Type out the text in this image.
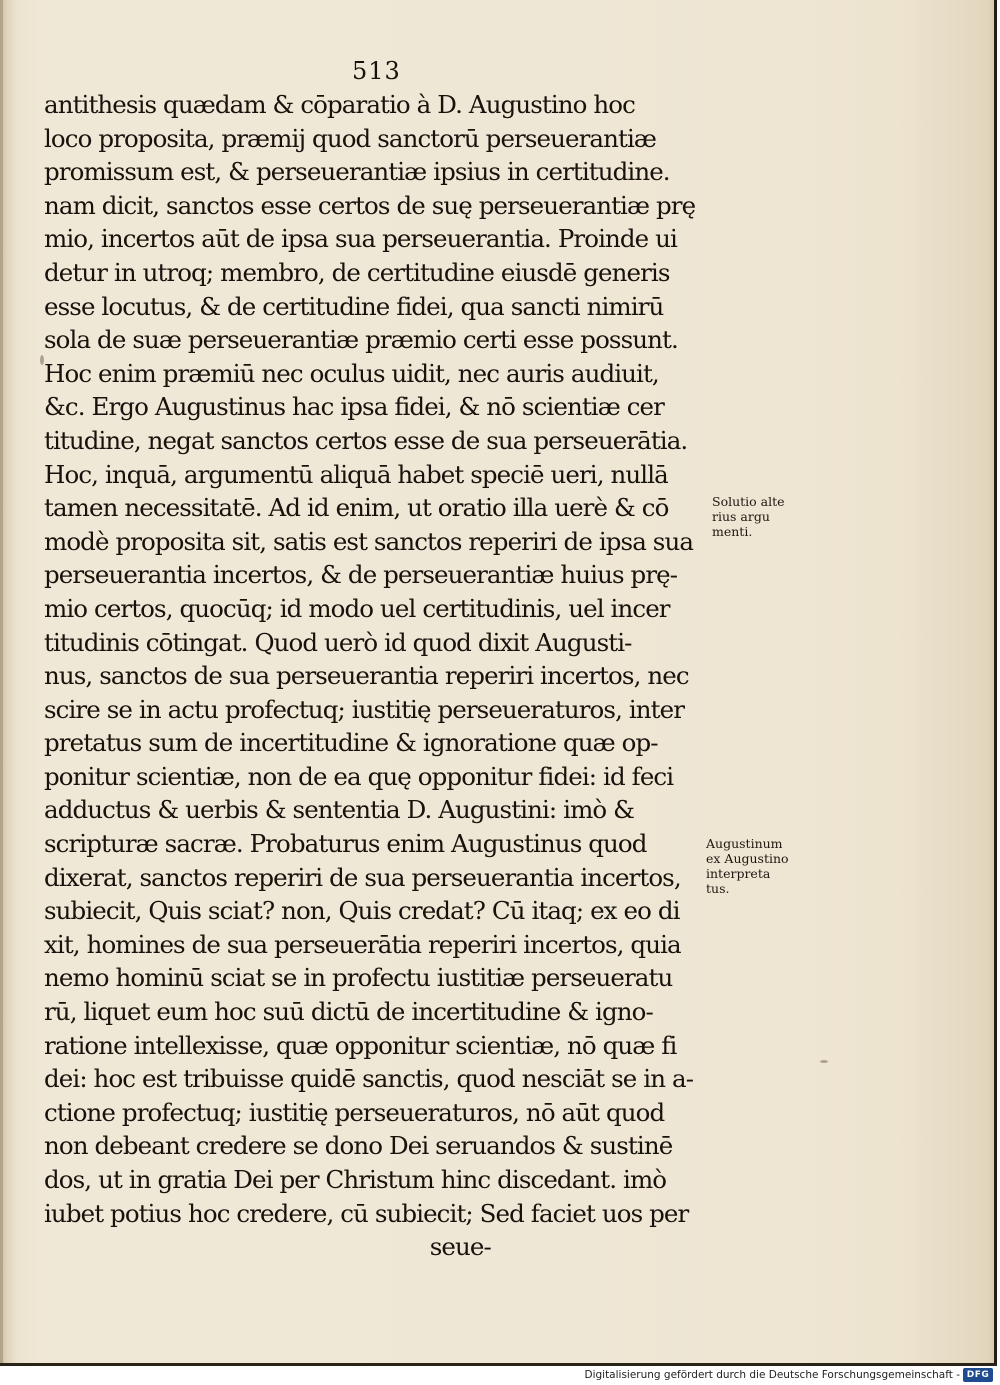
513
antithesis quædam & cōparatio à D. Augustino hoc
loco proposita, præmij quod sanctorū perseuerantiæ
promissum est, & perseuerantiæ ipsius in certitudine.
nam dicit, sanctos esse certos de suę perseuerantiæ prę
mio, incertos aūt de ipsa sua perseuerantia. Proinde ui
detur in utroq; membro, de certitudine eiusdē generis
esse locutus, & de certitudine fidei, qua sancti nimirū
sola de suæ perseuerantiæ præmio certi esse possunt.
Hoc enim præmiū nec oculus uidit, nec auris audiuit,
&c. Ergo Augustinus hac ipsa fidei, & nō scientiæ cer
titudine, negat sanctos certos esse de sua perseuerātia.
Hoc, inquā, argumentū aliquā habet speciē ueri, nullā
tamen necessitatē. Ad id enim, ut oratio illa uerè & cō
modè proposita sit, satis est sanctos reperiri de ipsa sua
perseuerantia incertos, & de perseuerantiæ huius prę-
mio certos, quocūq; id modo uel certitudinis, uel incer
titudinis cōtingat. Quod uerò id quod dixit Augusti-
nus, sanctos de sua perseuerantia reperiri incertos, nec
scire se in actu profectuq; iustitię perseueraturos, inter
pretatus sum de incertitudine & ignoratione quæ op-
ponitur scientiæ, non de ea quę opponitur fidei: id feci
adductus & uerbis & sententia D. Augustini: imò &
scripturæ sacræ. Probaturus enim Augustinus quod
dixerat, sanctos reperiri de sua perseuerantia incertos,
subiecit, Quis sciat? non, Quis credat? Cū itaq; ex eo di
xit, homines de sua perseuerātia reperiri incertos, quia
nemo hominū sciat se in profectu iustitiæ perseueratu
rū, liquet eum hoc suū dictū de incertitudine & igno-
ratione intellexisse, quæ opponitur scientiæ, nō quæ fi
dei: hoc est tribuisse quidē sanctis, quod nesciāt se in a-
ctione profectuq; iustitię perseueraturos, nō aūt quod
non debeant credere se dono Dei seruandos & sustinē
dos, ut in gratia Dei per Christum hinc discedant. imò
iubet potius hoc credere, cū subiecit; Sed faciet uos per
seue-
Solutio alte
rius argu
menti.
Augustinum
ex Augustino
interpreta
tus.
Digitalisierung gefördert durch die Deutsche Forschungsgemeinschaft - DFG
